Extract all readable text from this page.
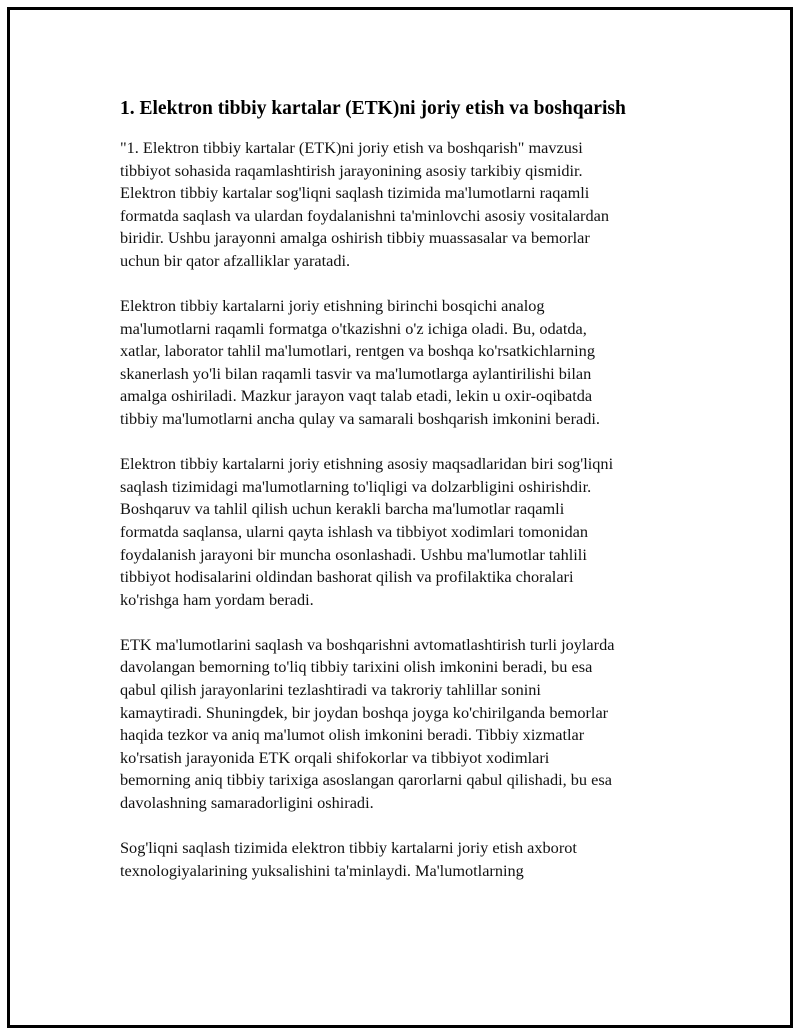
1. Elektron tibbiy kartalar (ETK)ni joriy etish va boshqarish

"1. Elektron tibbiy kartalar (ETK)ni joriy etish va boshqarish" mavzusi
tibbiyot sohasida raqamlashtirish jarayonining asosiy tarkibiy qismidir.
Elektron tibbiy kartalar sog'liqni saqlash tizimida ma'lumotlarni raqamli
formatda saqlash va ulardan foydalanishni ta'minlovchi asosiy vositalardan
biridir. Ushbu jarayonni amalga oshirish tibbiy muassasalar va bemorlar
uchun bir qator afzalliklar yaratadi.

Elektron tibbiy kartalarni joriy etishning birinchi bosqichi analog
ma'lumotlarni raqamli formatga o'tkazishni o'z ichiga oladi. Bu, odatda,
xatlar, laborator tahlil ma'lumotlari, rentgen va boshqa ko'rsatkichlarning
skanerlash yo'li bilan raqamli tasvir va ma'lumotlarga aylantirilishi bilan
amalga oshiriladi. Mazkur jarayon vaqt talab etadi, lekin u oxir-oqibatda
tibbiy ma'lumotlarni ancha qulay va samarali boshqarish imkonini beradi.

Elektron tibbiy kartalarni joriy etishning asosiy maqsadlaridan biri sog'liqni
saqlash tizimidagi ma'lumotlarning to'liqligi va dolzarbligini oshirishdir.
Boshqaruv va tahlil qilish uchun kerakli barcha ma'lumotlar raqamli
formatda saqlansa, ularni qayta ishlash va tibbiyot xodimlari tomonidan
foydalanish jarayoni bir muncha osonlashadi. Ushbu ma'lumotlar tahlili
tibbiyot hodisalarini oldindan bashorat qilish va profilaktika choralari
ko'rishga ham yordam beradi.

ETK ma'lumotlarini saqlash va boshqarishni avtomatlashtirish turli joylarda
davolangan bemorning to'liq tibbiy tarixini olish imkonini beradi, bu esa
qabul qilish jarayonlarini tezlashtiradi va takroriy tahlillar sonini
kamaytiradi. Shuningdek, bir joydan boshqa joyga ko'chirilganda bemorlar
haqida tezkor va aniq ma'lumot olish imkonini beradi. Tibbiy xizmatlar
ko'rsatish jarayonida ETK orqali shifokorlar va tibbiyot xodimlari
bemorning aniq tibbiy tarixiga asoslangan qarorlarni qabul qilishadi, bu esa
davolashning samaradorligini oshiradi.

Sog'liqni saqlash tizimida elektron tibbiy kartalarni joriy etish axborot
texnologiyalarining yuksalishini ta'minlaydi. Ma'lumotlarning
